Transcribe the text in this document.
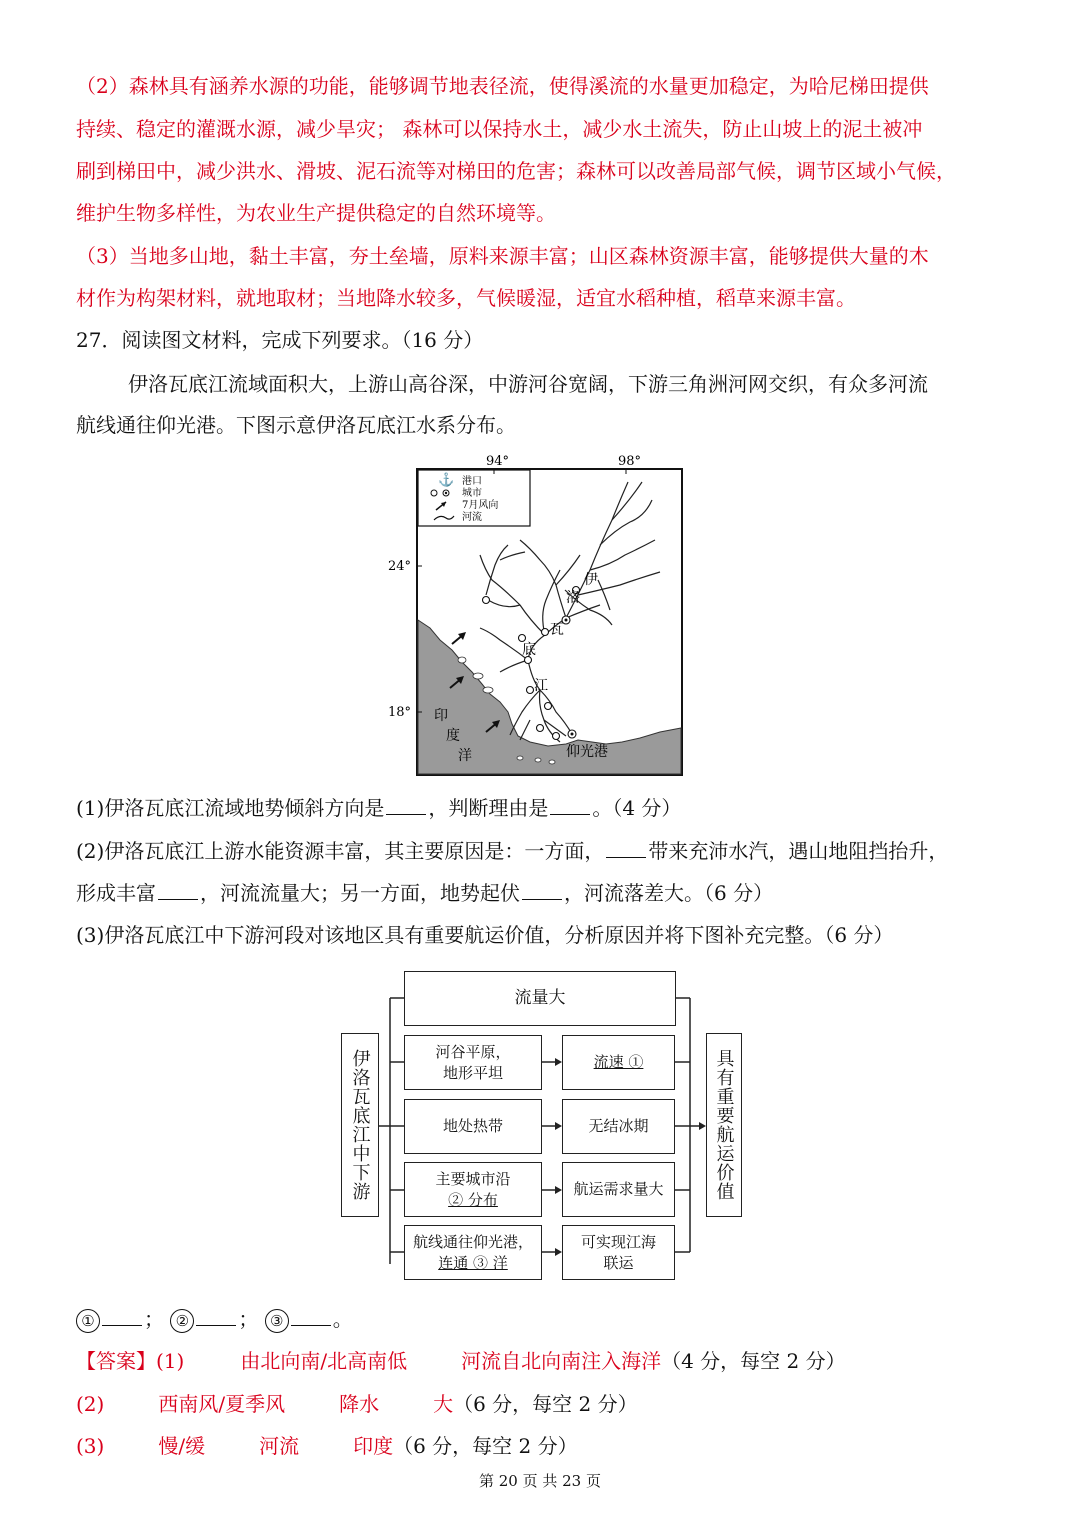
（2）森林具有涵养水源的功能，能够调节地表径流，使得溪流的水量更加稳定，为哈尼梯田提供
持续、稳定的灌溉水源，减少旱灾； 森林可以保持水土，减少水土流失，防止山坡上的泥土被冲
刷到梯田中，减少洪水、滑坡、泥石流等对梯田的危害；森林可以改善局部气候，调节区域小气候，
维护生物多样性，为农业生产提供稳定的自然环境等。
（3）当地多山地，黏土丰富，夯土垒墙，原料来源丰富；山区森林资源丰富，能够提供大量的木
材作为构架材料，就地取材；当地降水较多，气候暖湿，适宜水稻种植，稻草来源丰富。
27．阅读图文材料，完成下列要求。（16 分）
伊洛瓦底江流域面积大，上游山高谷深，中游河谷宽阔，下游三角洲河网交织，有众多河流
航线通往仰光港。下图示意伊洛瓦底江水系分布。
⚓ 港口
城市
7月风向
河流
94°	98°
24°
18°
伊
洛
瓦
底
江
印
度
洋	仰光港
(1)伊洛瓦底江流域地势倾斜方向是 ，判断理由是 。（4 分）
(2)伊洛瓦底江上游水能资源丰富，其主要原因是：一方面， 带来充沛水汽，遇山地阻挡抬升，
形成丰富 ，河流流量大；另一方面，地势起伏 ，河流落差大。（6 分）
(3)伊洛瓦底江中下游河段对该地区具有重要航运价值，分析原因并将下图补充完整。（6 分）
伊洛瓦底江中下游
流量大
河谷平原，
地形平坦
地处热带
主要城市沿
② 分布
航线通往仰光港，
连通 ③ 洋
流速 ①
无结冰期
航运需求量大
可实现江海
联运
具有重要航运价值
① ； ② ； ③ 。
【答案】(1)	由北向南/北高南低	河流自北向南注入海洋（4 分，每空 2 分）
(2)	西南风/夏季风	降水	大（6 分，每空 2 分）
(3)	慢/缓	河流	印度（6 分，每空 2 分）
第 20 页 共 23 页
